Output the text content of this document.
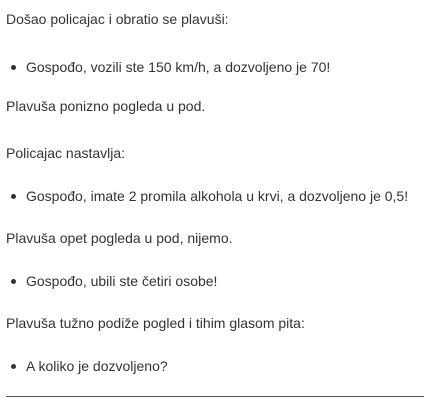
Došao policajac i obratio se plavuši:

Gospođo, vozili ste 150 km/h, a dozvoljeno je 70!

Plavuša ponizno pogleda u pod.

Policajac nastavlja:

Gospođo, imate 2 promila alkohola u krvi, a dozvoljeno je 0,5!

Plavuša opet pogleda u pod, nijemo.

Gospođo, ubili ste četiri osobe!

Plavuša tužno podiže pogled i tihim glasom pita:

A koliko je dozvoljeno?
